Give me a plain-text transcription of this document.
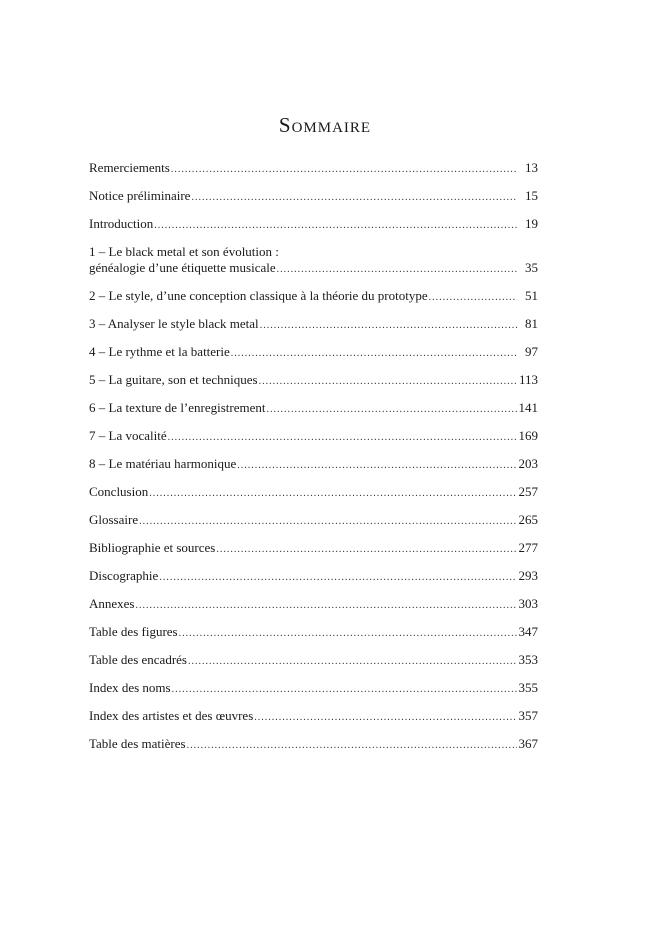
Sommaire
Remerciements .....	13
Notice préliminaire .....	15
Introduction .....	19
1 – Le black metal et son évolution :
généalogie d’une étiquette musicale .....	35
2 – Le style, d’une conception classique à la théorie du prototype .....	51
3 – Analyser le style black metal .....	81
4 – Le rythme et la batterie .....	97
5 – La guitare, son et techniques .....	113
6 – La texture de l’enregistrement .....	141
7 – La vocalité .....	169
8 – Le matériau harmonique .....	203
Conclusion .....	257
Glossaire .....	265
Bibliographie et sources .....	277
Discographie .....	293
Annexes .....	303
Table des figures .....	347
Table des encadrés .....	353
Index des noms .....	355
Index des artistes et des œuvres .....	357
Table des matières .....	367
